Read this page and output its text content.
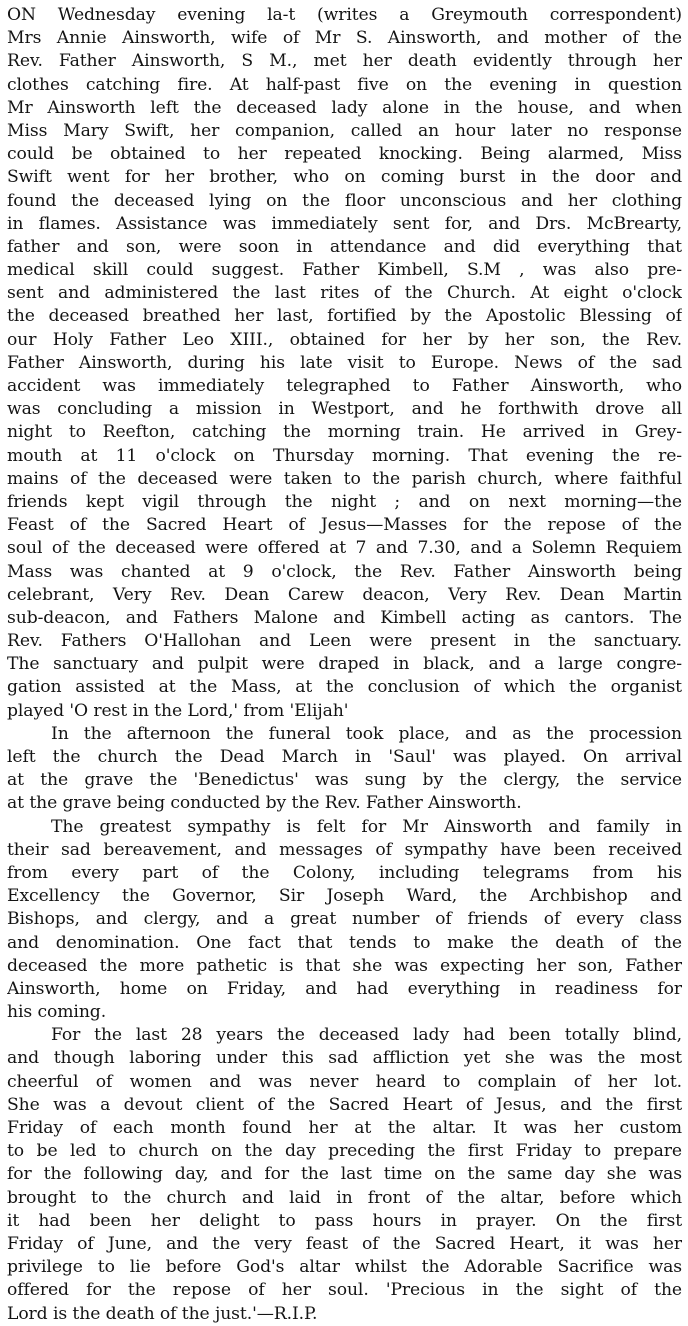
ON Wednesday evening la-t (writes a Greymouth correspondent)
Mrs Annie Ainsworth, wife of Mr S. Ainsworth, and mother of the
Rev. Father Ainsworth, S M., met her death evidently through her
clothes catching fire. At half-past five on the evening in question
Mr Ainsworth left the deceased lady alone in the house, and when
Miss Mary Swift, her companion, called an hour later no response
could be obtained to her repeated knocking. Being alarmed, Miss
Swift went for her brother, who on coming burst in the door and
found the deceased lying on the floor unconscious and her clothing
in flames. Assistance was immediately sent for, and Drs. McBrearty,
father and son, were soon in attendance and did everything that
medical skill could suggest. Father Kimbell, S.M , was also pre-
sent and administered the last rites of the Church. At eight o'clock
the deceased breathed her last, fortified by the Apostolic Blessing of
our Holy Father Leo XIII., obtained for her by her son, the Rev.
Father Ainsworth, during his late visit to Europe. News of the sad
accident was immediately telegraphed to Father Ainsworth, who
was concluding a mission in Westport, and he forthwith drove all
night to Reefton, catching the morning train. He arrived in Grey-
mouth at 11 o'clock on Thursday morning. That evening the re-
mains of the deceased were taken to the parish church, where faithful
friends kept vigil through the night ; and on next morning—the
Feast of the Sacred Heart of Jesus—Masses for the repose of the
soul of the deceased were offered at 7 and 7.30, and a Solemn Requiem
Mass was chanted at 9 o'clock, the Rev. Father Ainsworth being
celebrant, Very Rev. Dean Carew deacon, Very Rev. Dean Martin
sub-deacon, and Fathers Malone and Kimbell acting as cantors. The
Rev. Fathers O'Hallohan and Leen were present in the sanctuary.
The sanctuary and pulpit were draped in black, and a large congre-
gation assisted at the Mass, at the conclusion of which the organist
played 'O rest in the Lord,' from 'Elijah'

In the afternoon the funeral took place, and as the procession
left the church the Dead March in 'Saul' was played. On arrival
at the grave the 'Benedictus' was sung by the clergy, the service
at the grave being conducted by the Rev. Father Ainsworth.

The greatest sympathy is felt for Mr Ainsworth and family in
their sad bereavement, and messages of sympathy have been received
from every part of the Colony, including telegrams from his
Excellency the Governor, Sir Joseph Ward, the Archbishop and
Bishops, and clergy, and a great number of friends of every class
and denomination. One fact that tends to make the death of the
deceased the more pathetic is that she was expecting her son, Father
Ainsworth, home on Friday, and had everything in readiness for
his coming.

For the last 28 years the deceased lady had been totally blind,
and though laboring under this sad affliction yet she was the most
cheerful of women and was never heard to complain of her lot.
She was a devout client of the Sacred Heart of Jesus, and the first
Friday of each month found her at the altar. It was her custom
to be led to church on the day preceding the first Friday to prepare
for the following day, and for the last time on the same day she was
brought to the church and laid in front of the altar, before which
it had been her delight to pass hours in prayer. On the first
Friday of June, and the very feast of the Sacred Heart, it was her
privilege to lie before God's altar whilst the Adorable Sacrifice was
offered for the repose of her soul. 'Precious in the sight of the
Lord is the death of the just.'—R.I.P.
